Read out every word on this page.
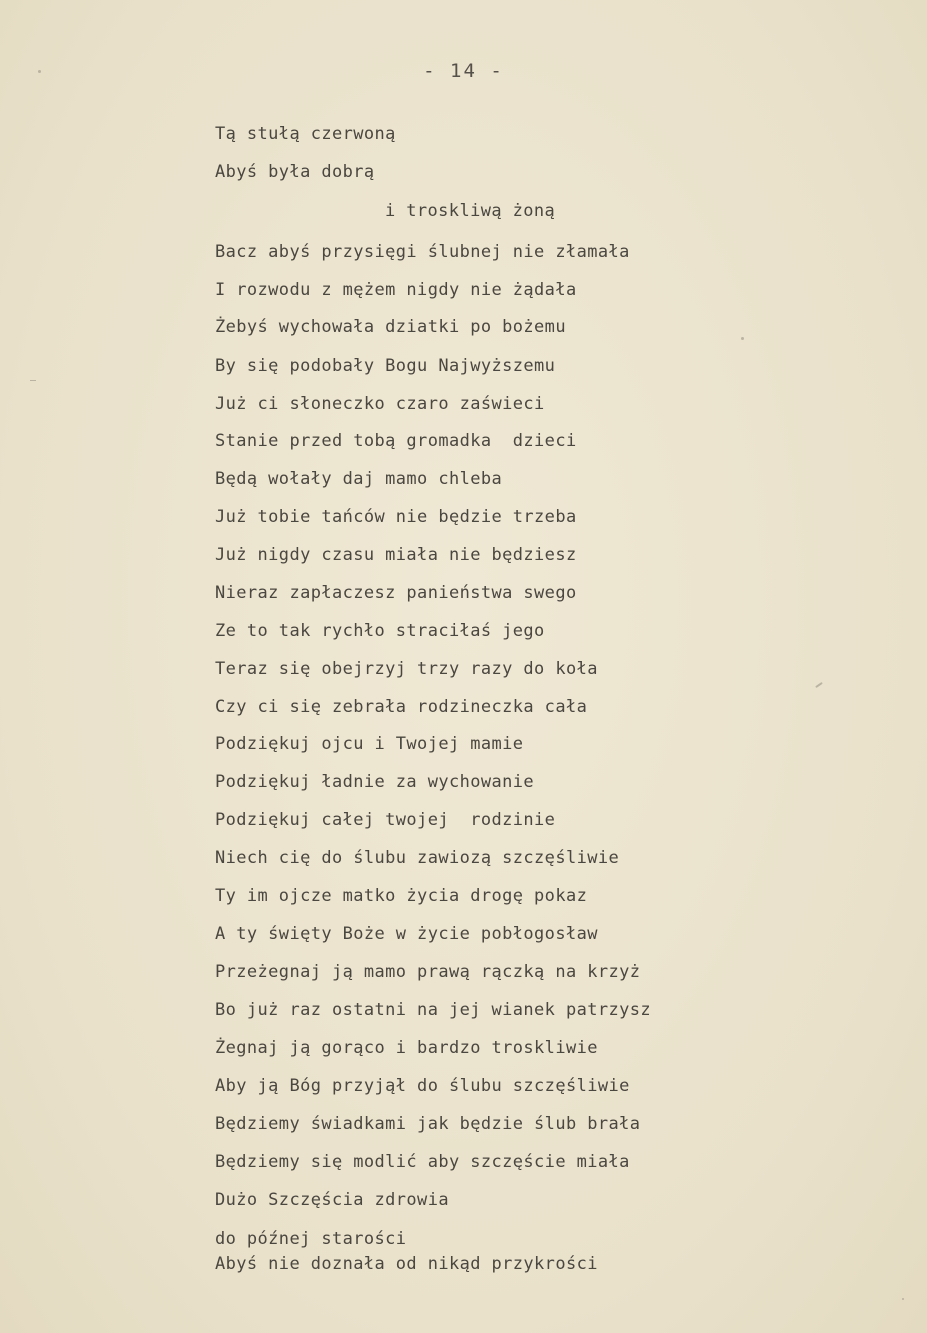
- 14 -
Tą stułą czerwoną
Abyś była dobrą
i troskliwą żoną
Bacz abyś przysięgi ślubnej nie złamała
I rozwodu z mężem nigdy nie żądała
Żebyś wychowała dziatki po bożemu
By się podobały Bogu Najwyższemu
Już ci słoneczko czaro zaświeci
Stanie przed tobą gromadka  dzieci
Będą wołały daj mamo chleba
Już tobie tańców nie będzie trzeba
Już nigdy czasu miała nie będziesz
Nieraz zapłaczesz panieństwa swego
Ze to tak rychło straciłaś jego
Teraz się obejrzyj trzy razy do koła
Czy ci się zebrała rodzineczka cała
Podziękuj ojcu i Twojej mamie
Podziękuj ładnie za wychowanie
Podziękuj całej twojej  rodzinie
Niech cię do ślubu zawiozą szczęśliwie
Ty im ojcze matko życia drogę pokaz
A ty święty Boże w życie pobłogosław
Przeżegnaj ją mamo prawą rączką na krzyż
Bo już raz ostatni na jej wianek patrzysz
Żegnaj ją gorąco i bardzo troskliwie
Aby ją Bóg przyjął do ślubu szczęśliwie
Będziemy świadkami jak będzie ślub brała
Będziemy się modlić aby szczęście miała
Dużo Szczęścia zdrowia
do późnej starości
Abyś nie doznała od nikąd przykrości
